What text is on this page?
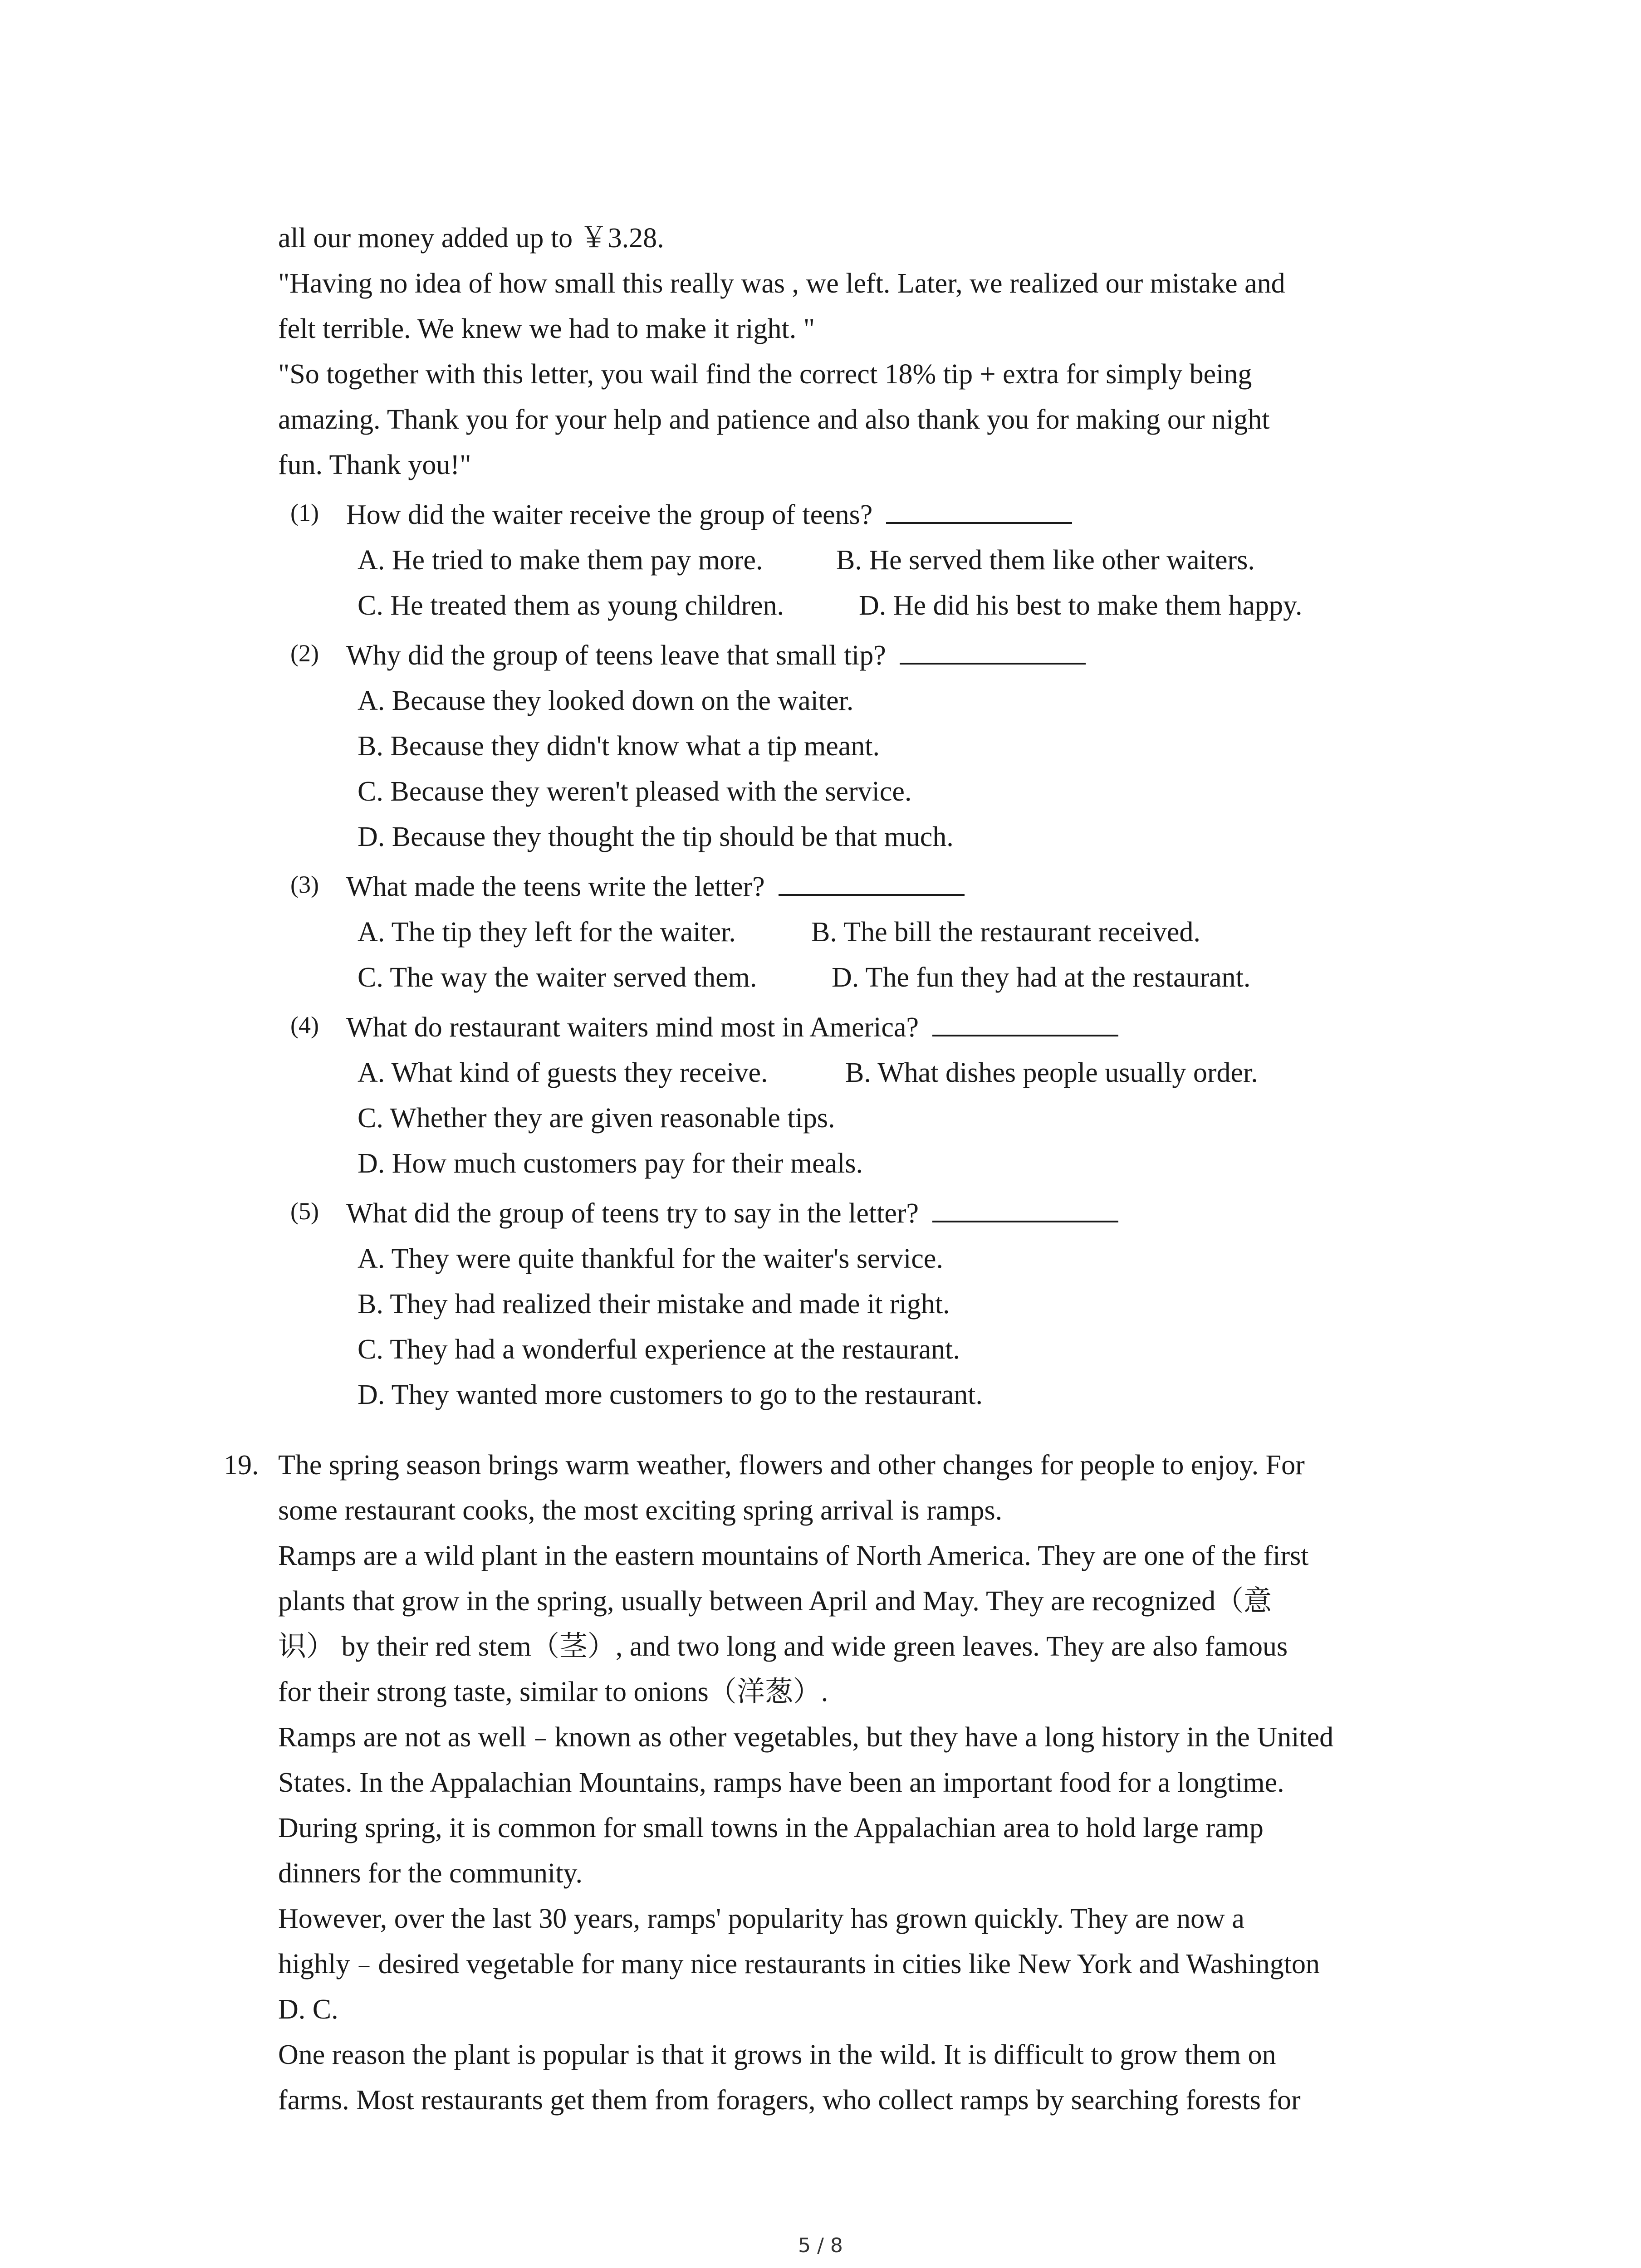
all our money added up to ￥3.28.
"Having no idea of how small this really was , we left. Later, we realized our mistake and
felt terrible. We knew we had to make it right. "
"So together with this letter, you wail find the correct 18% tip + extra for simply being
amazing. Thank you for your help and patience and also thank you for making our night
fun. Thank you!"
(1) How did the waiter receive the group of teens?
A. He tried to make them pay more.	B. He served them like other waiters.
C. He treated them as young children.	D. He did his best to make them happy.
(2) Why did the group of teens leave that small tip?
A. Because they looked down on the waiter.
B. Because they didn't know what a tip meant.
C. Because they weren't pleased with the service.
D. Because they thought the tip should be that much.
(3) What made the teens write the letter?
A. The tip they left for the waiter.	B. The bill the restaurant received.
C. The way the waiter served them.	D. The fun they had at the restaurant.
(4) What do restaurant waiters mind most in America?
A. What kind of guests they receive.	B. What dishes people usually order.
C. Whether they are given reasonable tips.
D. How much customers pay for their meals.
(5) What did the group of teens try to say in the letter?
A. They were quite thankful for the waiter's service.
B. They had realized their mistake and made it right.
C. They had a wonderful experience at the restaurant.
D. They wanted more customers to go to the restaurant.
19. The spring season brings warm weather, flowers and other changes for people to enjoy. For
some restaurant cooks, the most exciting spring arrival is ramps.
Ramps are a wild plant in the eastern mountains of North America. They are one of the first
plants that grow in the spring, usually between April and May. They are recognized（意
识） by their red stem（茎）, and two long and wide green leaves. They are also famous
for their strong taste, similar to onions（洋葱）.
Ramps are not as well﹣known as other vegetables, but they have a long history in the United
States. In the Appalachian Mountains, ramps have been an important food for a longtime.
During spring, it is common for small towns in the Appalachian area to hold large ramp
dinners for the community.
However, over the last 30 years, ramps' popularity has grown quickly. They are now a
highly﹣desired vegetable for many nice restaurants in cities like New York and Washington
D. C.
One reason the plant is popular is that it grows in the wild. It is difficult to grow them on
farms. Most restaurants get them from foragers, who collect ramps by searching forests for
5 / 8
